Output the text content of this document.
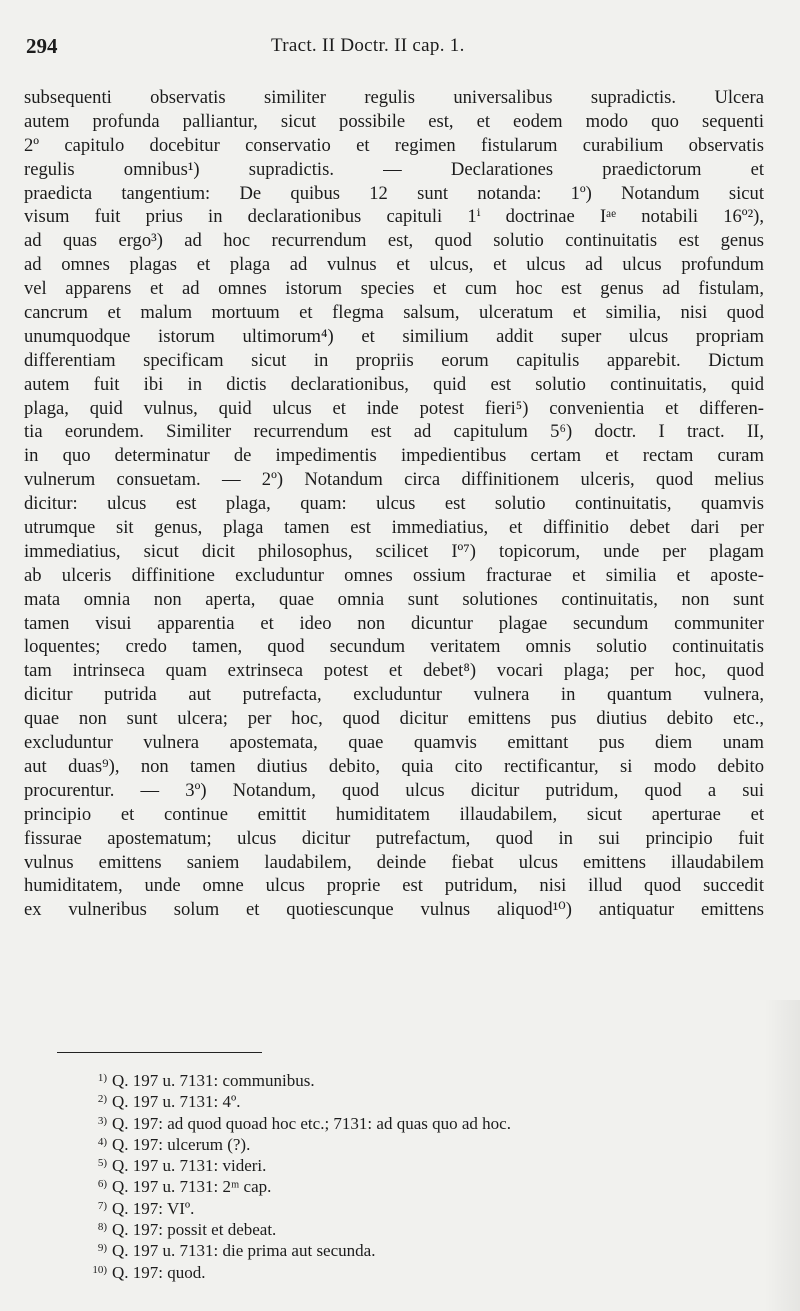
294	Tract. II Doctr. II cap. 1.
subsequenti observatis similiter regulis universalibus supradictis. Ulcera
autem profunda palliantur, sicut possibile est, et eodem modo quo sequenti
2º capitulo docebitur conservatio et regimen fistularum curabilium observatis
regulis omnibus¹) supradictis. — Declarationes praedictorum et
praedicta tangentium: De quibus 12 sunt notanda: 1º) Notandum sicut
visum fuit prius in declarationibus capituli 1ⁱ doctrinae Iᵃᵉ notabili 16º²),
ad quas ergo³) ad hoc recurrendum est, quod solutio continuitatis est genus
ad omnes plagas et plaga ad vulnus et ulcus, et ulcus ad ulcus profundum
vel apparens et ad omnes istorum species et cum hoc est genus ad fistulam,
cancrum et malum mortuum et flegma salsum, ulceratum et similia, nisi quod
unumquodque istorum ultimorum⁴) et similium addit super ulcus propriam
differentiam specificam sicut in propriis eorum capitulis apparebit. Dictum
autem fuit ibi in dictis declarationibus, quid est solutio continuitatis, quid
plaga, quid vulnus, quid ulcus et inde potest fieri⁵) convenientia et differen-
tia eorundem. Similiter recurrendum est ad capitulum 5⁶) doctr. I tract. II,
in quo determinatur de impedimentis impedientibus certam et rectam curam
vulnerum consuetam. — 2º) Notandum circa diffinitionem ulceris, quod melius
dicitur: ulcus est plaga, quam: ulcus est solutio continuitatis, quamvis
utrumque sit genus, plaga tamen est immediatius, et diffinitio debet dari per
immediatius, sicut dicit philosophus, scilicet Iº⁷) topicorum, unde per plagam
ab ulceris diffinitione excluduntur omnes ossium fracturae et similia et aposte-
mata omnia non aperta, quae omnia sunt solutiones continuitatis, non sunt
tamen visui apparentia et ideo non dicuntur plagae secundum communiter
loquentes; credo tamen, quod secundum veritatem omnis solutio continuitatis
tam intrinseca quam extrinseca potest et debet⁸) vocari plaga; per hoc, quod
dicitur putrida aut putrefacta, excluduntur vulnera in quantum vulnera,
quae non sunt ulcera; per hoc, quod dicitur emittens pus diutius debito etc.,
excluduntur vulnera apostemata, quae quamvis emittant pus diem unam
aut duas⁹), non tamen diutius debito, quia cito rectificantur, si modo debito
procurentur. — 3º) Notandum, quod ulcus dicitur putridum, quod a sui
principio et continue emittit humiditatem illaudabilem, sicut aperturae et
fissurae apostematum; ulcus dicitur putrefactum, quod in sui principio fuit
vulnus emittens saniem laudabilem, deinde fiebat ulcus emittens illaudabilem
humiditatem, unde omne ulcus proprie est putridum, nisi illud quod succedit
ex vulneribus solum et quotiescunque vulnus aliquod¹⁰) antiquatur emittens
1) Q. 197 u. 7131: communibus.
2) Q. 197 u. 7131: 4º.
3) Q. 197: ad quod quoad hoc etc.; 7131: ad quas quo ad hoc.
4) Q. 197: ulcerum (?).
5) Q. 197 u. 7131: videri.
6) Q. 197 u. 7131: 2ᵐ cap.
7) Q. 197: VIº.
8) Q. 197: possit et debeat.
9) Q. 197 u. 7131: die prima aut secunda.
10) Q. 197: quod.
